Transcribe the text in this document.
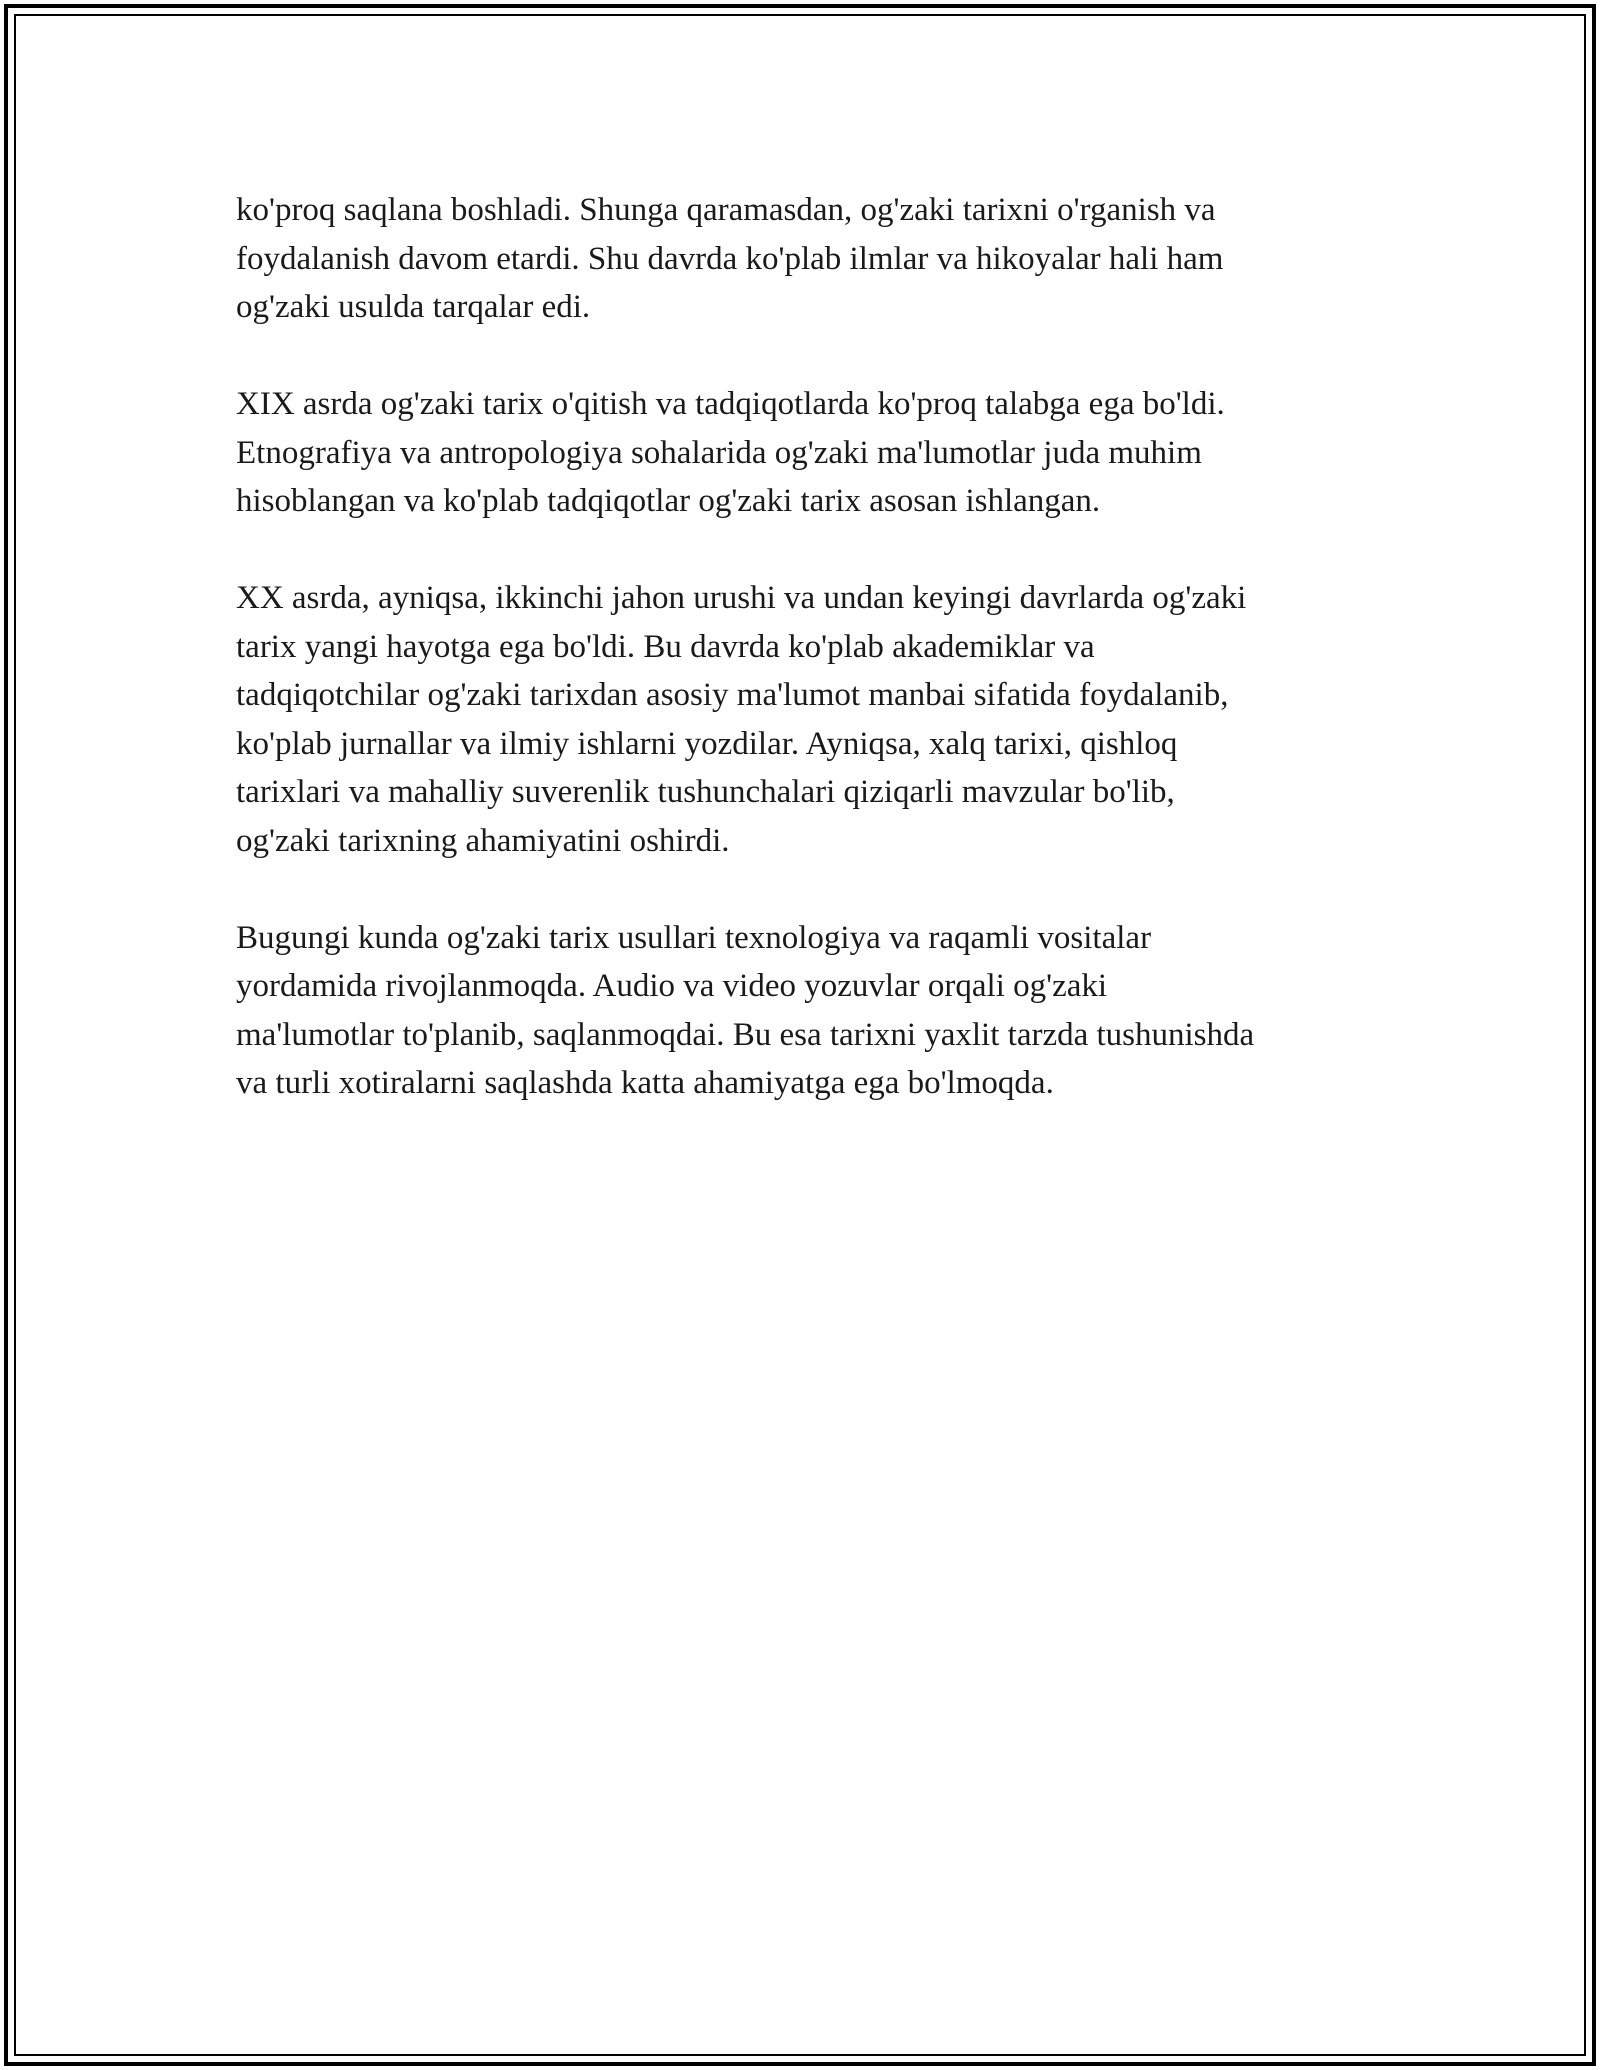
ko'proq saqlana boshladi. Shunga qaramasdan, og'zaki tarixni o'rganish va
foydalanish davom etardi. Shu davrda ko'plab ilmlar va hikoyalar hali ham
og'zaki usulda tarqalar edi.

XIX asrda og'zaki tarix o'qitish va tadqiqotlarda ko'proq talabga ega bo'ldi.
Etnografiya va antropologiya sohalarida og'zaki ma'lumotlar juda muhim
hisoblangan va ko'plab tadqiqotlar og'zaki tarix asosan ishlangan.

XX asrda, ayniqsa, ikkinchi jahon urushi va undan keyingi davrlarda og'zaki
tarix yangi hayotga ega bo'ldi. Bu davrda ko'plab akademiklar va
tadqiqotchilar og'zaki tarixdan asosiy ma'lumot manbai sifatida foydalanib,
ko'plab jurnallar va ilmiy ishlarni yozdilar. Ayniqsa, xalq tarixi, qishloq
tarixlari va mahalliy suverenlik tushunchalari qiziqarli mavzular bo'lib,
og'zaki tarixning ahamiyatini oshirdi.

Bugungi kunda og'zaki tarix usullari texnologiya va raqamli vositalar
yordamida rivojlanmoqda. Audio va video yozuvlar orqali og'zaki
ma'lumotlar to'planib, saqlanmoqdai. Bu esa tarixni yaxlit tarzda tushunishda
va turli xotiralarni saqlashda katta ahamiyatga ega bo'lmoqda.
